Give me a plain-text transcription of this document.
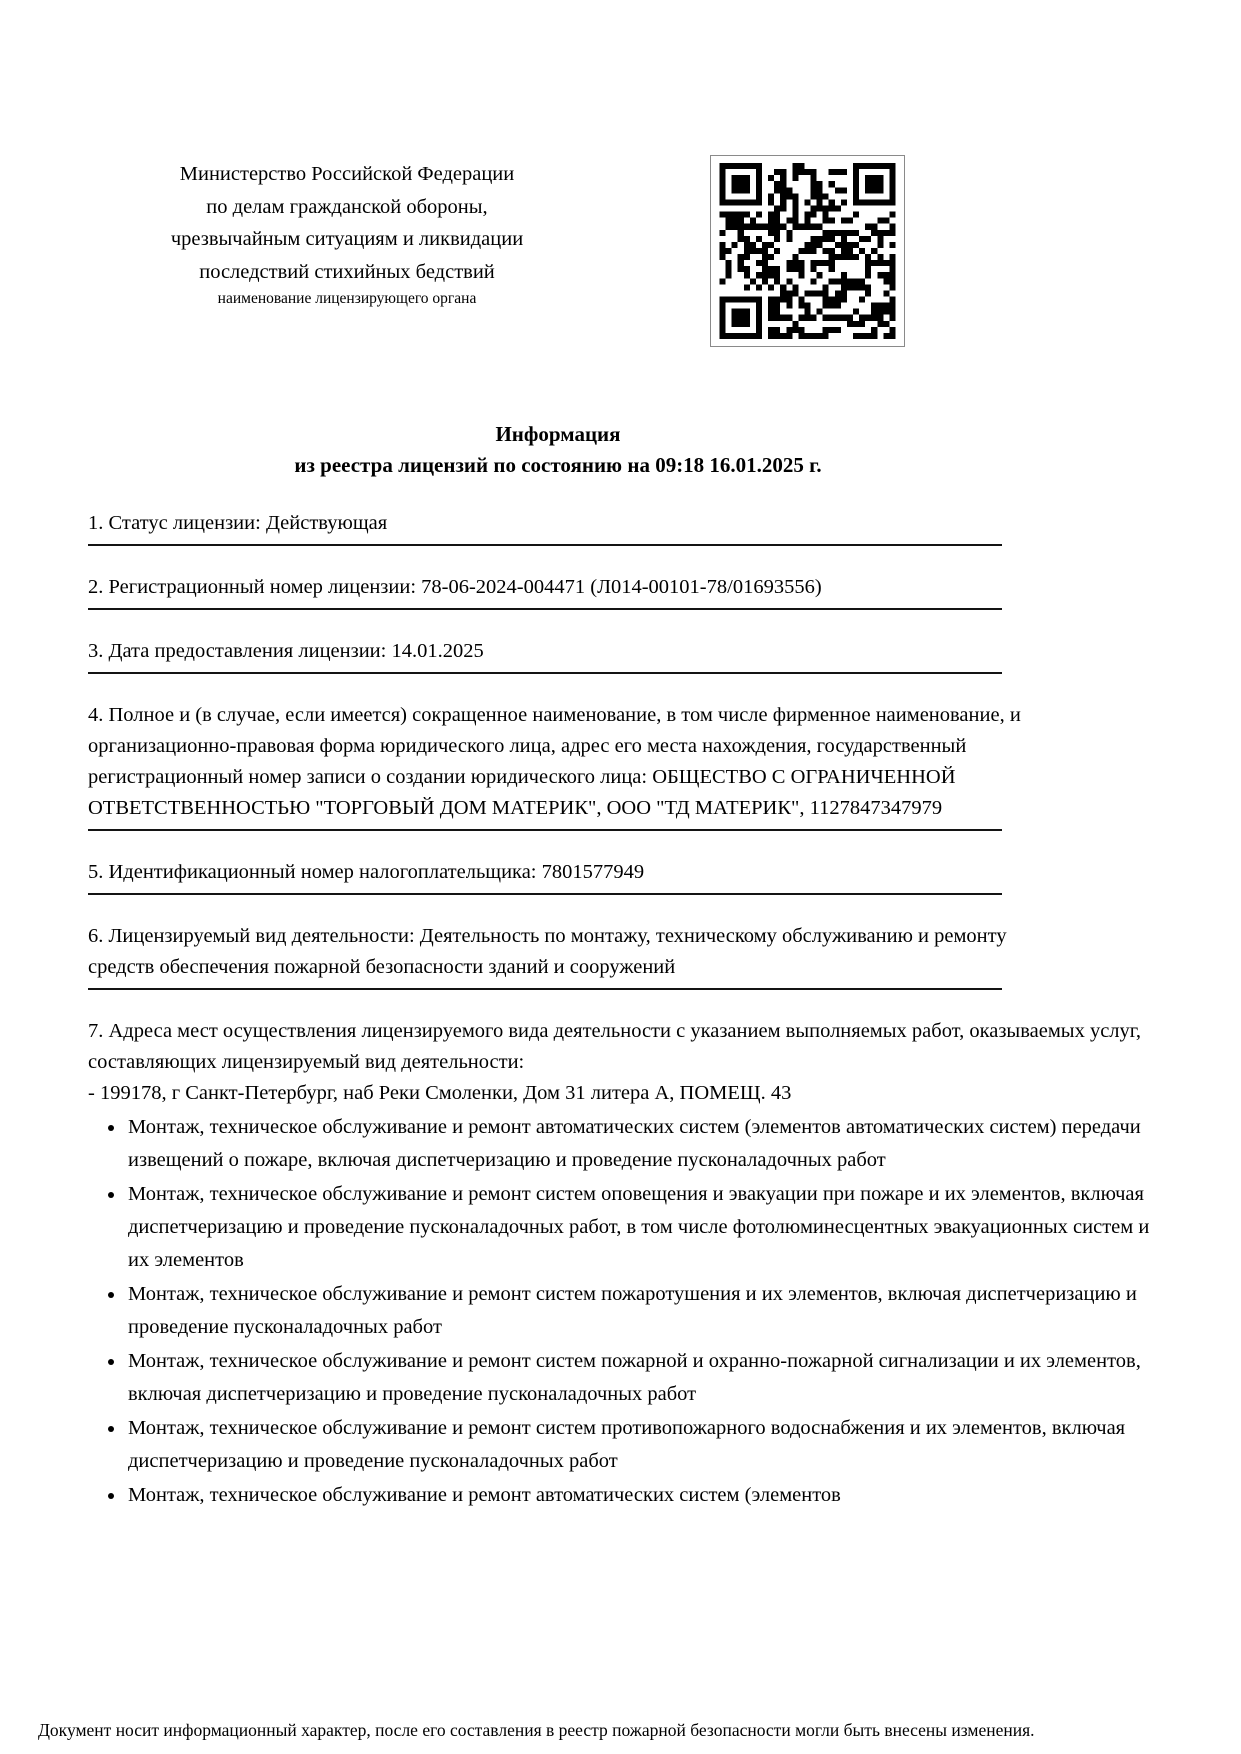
Министерство Российской Федерации
по делам гражданской обороны,
чрезвычайным ситуациям и ликвидации
последствий стихийных бедствий
наименование лицензирующего органа
Информация
из реестра лицензий по состоянию на 09:18 16.01.2025 г.
1. Статус лицензии: Действующая
2. Регистрационный номер лицензии: 78-06-2024-004471 (Л014-00101-78/01693556)
3. Дата предоставления лицензии: 14.01.2025
4. Полное и (в случае, если имеется) сокращенное наименование, в том числе фирменное наименование, и организационно-правовая форма юридического лица, адрес его места нахождения, государственный регистрационный номер записи о создании юридического лица: ОБЩЕСТВО С ОГРАНИЧЕННОЙ ОТВЕТСТВЕННОСТЬЮ "ТОРГОВЫЙ ДОМ МАТЕРИК", ООО "ТД МАТЕРИК", 1127847347979
5. Идентификационный номер налогоплательщика: 7801577949
6. Лицензируемый вид деятельности: Деятельность по монтажу, техническому обслуживанию и ремонту средств обеспечения пожарной безопасности зданий и сооружений
7. Адреса мест осуществления лицензируемого вида деятельности с указанием выполняемых работ, оказываемых услуг, составляющих лицензируемый вид деятельности:
- 199178, г Санкт-Петербург, наб Реки Смоленки, Дом 31 литера А, ПОМЕЩ. 43
• Монтаж, техническое обслуживание и ремонт автоматических систем (элементов автоматических систем) передачи извещений о пожаре, включая диспетчеризацию и проведение пусконаладочных работ
• Монтаж, техническое обслуживание и ремонт систем оповещения и эвакуации при пожаре и их элементов, включая диспетчеризацию и проведение пусконаладочных работ, в том числе фотолюминесцентных эвакуационных систем и их элементов
• Монтаж, техническое обслуживание и ремонт систем пожаротушения и их элементов, включая диспетчеризацию и проведение пусконаладочных работ
• Монтаж, техническое обслуживание и ремонт систем пожарной и охранно-пожарной сигнализации и их элементов, включая диспетчеризацию и проведение пусконаладочных работ
• Монтаж, техническое обслуживание и ремонт систем противопожарного водоснабжения и их элементов, включая диспетчеризацию и проведение пусконаладочных работ
• Монтаж, техническое обслуживание и ремонт автоматических систем (элементов
Документ носит информационный характер, после его составления в реестр пожарной безопасности могли быть внесены изменения.
